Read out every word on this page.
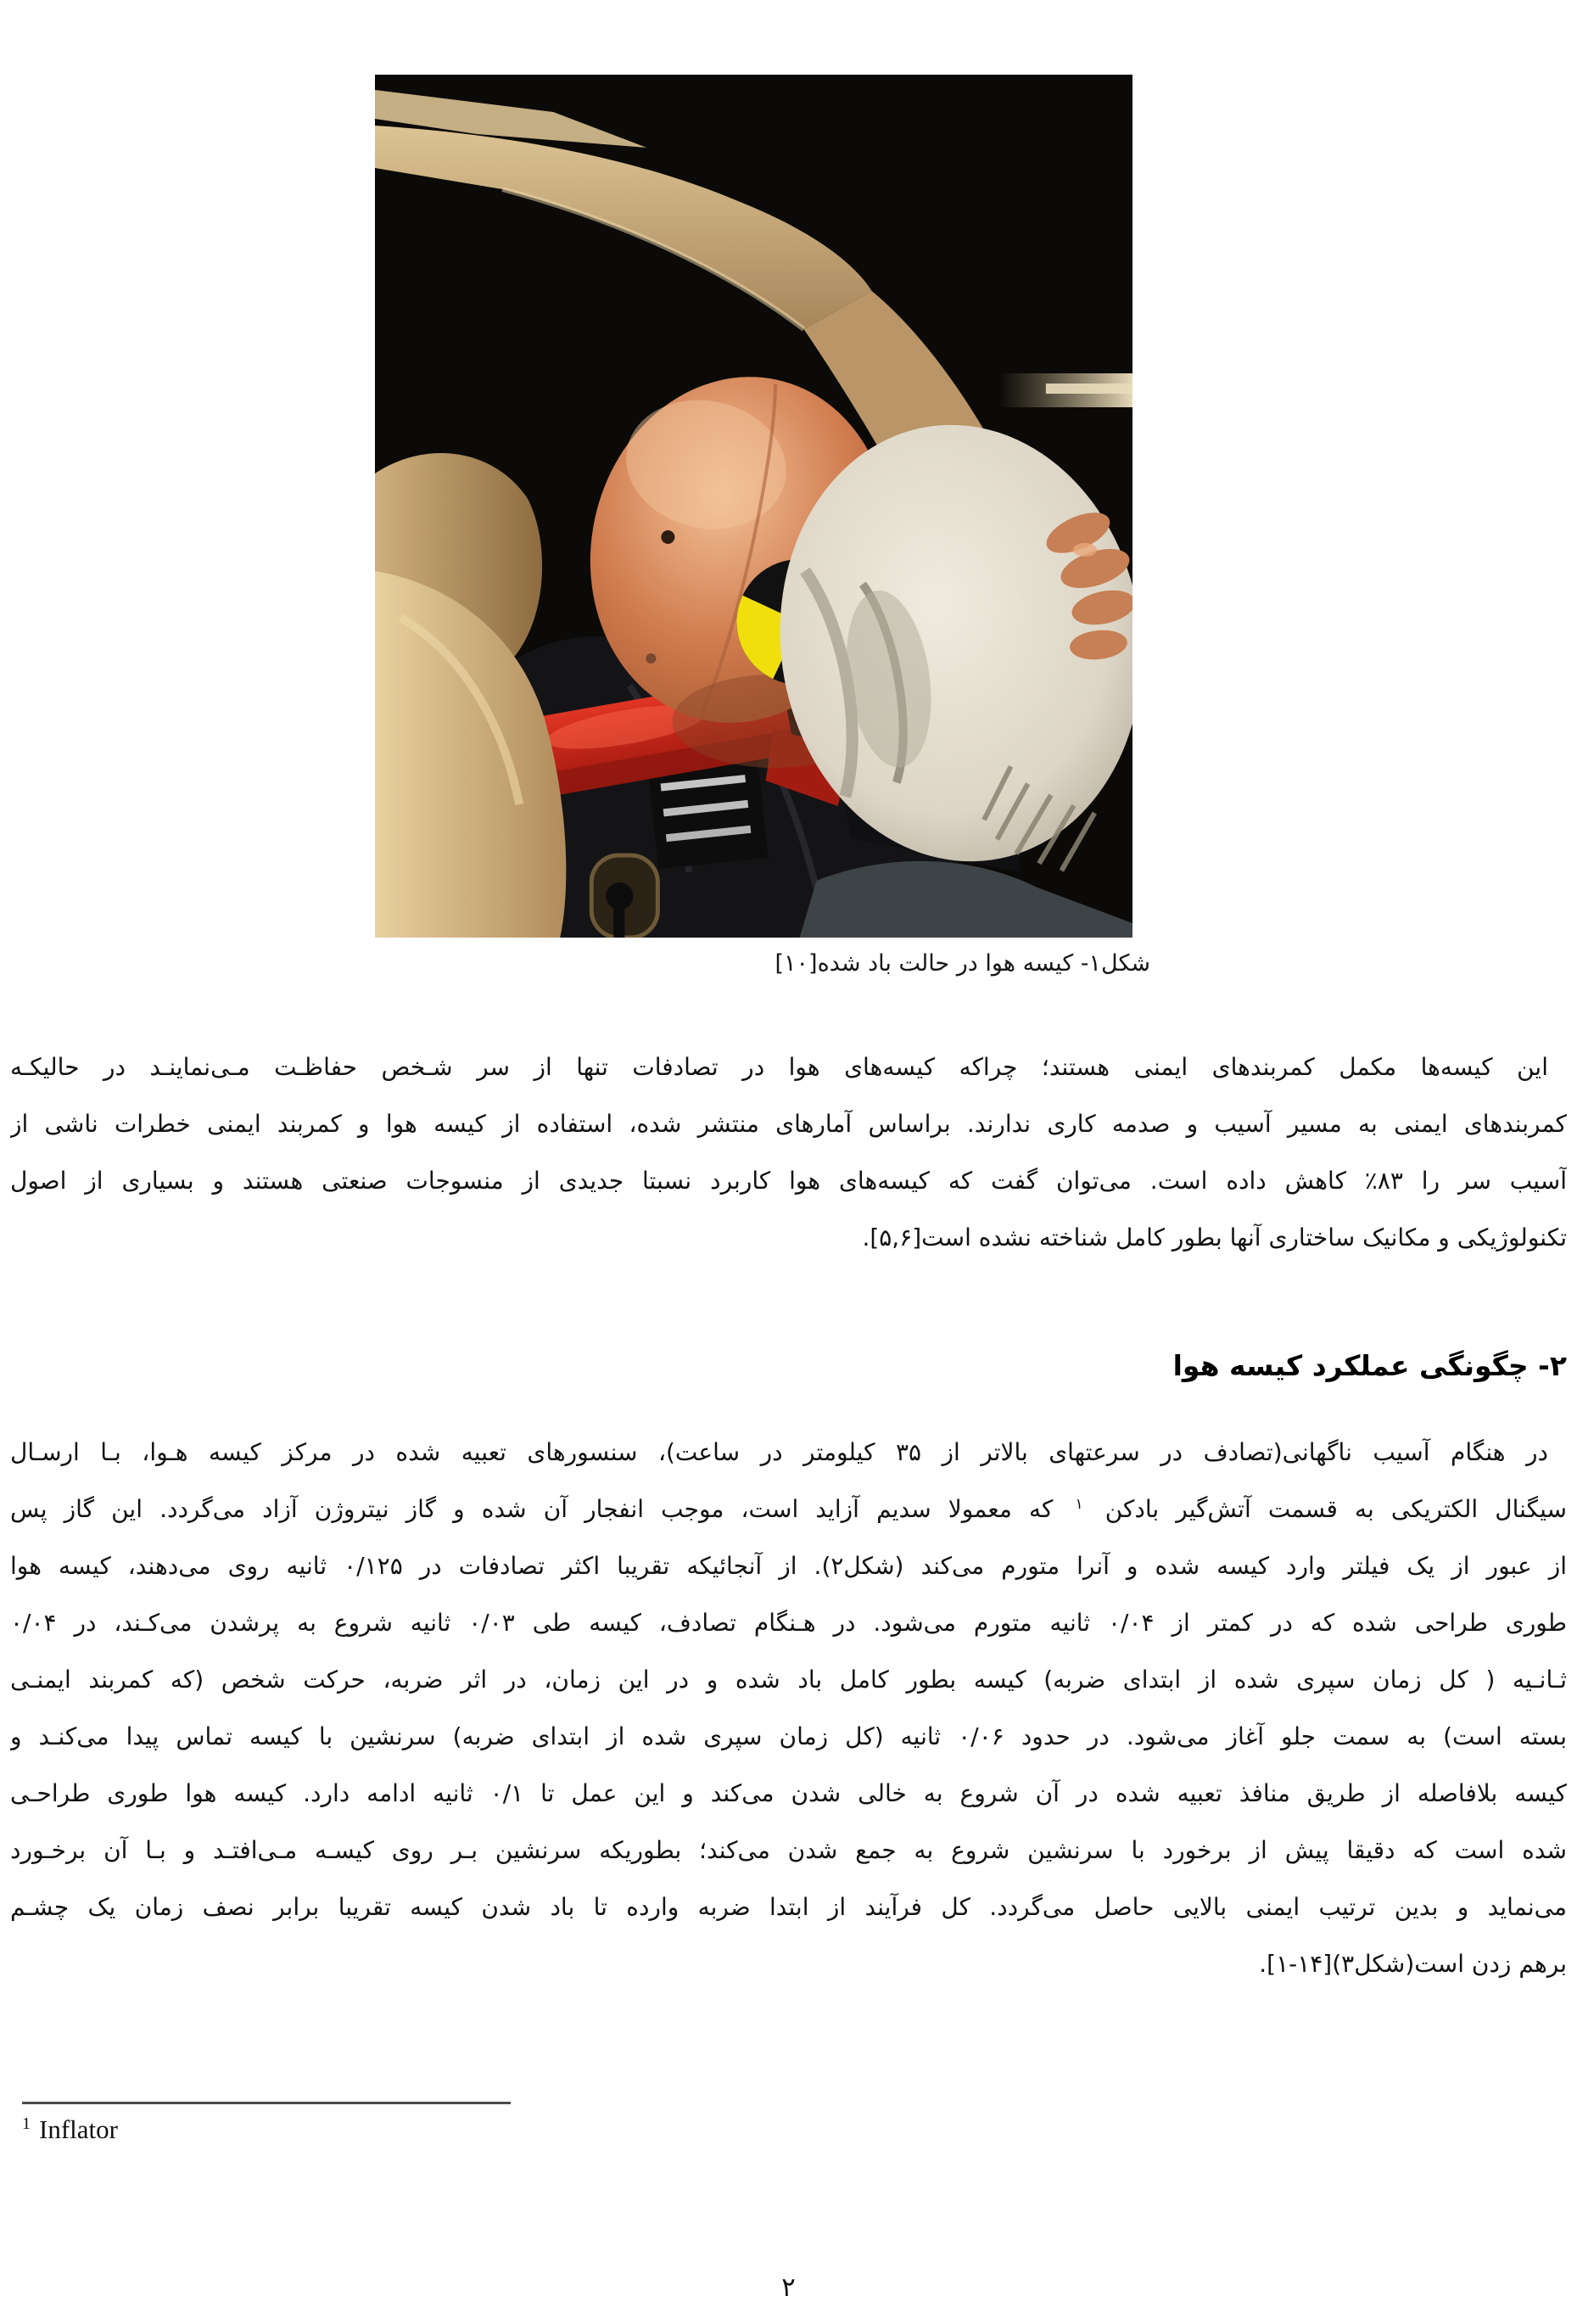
شکل۱- کیسه هوا در حالت باد شده[۱۰]
این کیسه‌ها مکمل کمربندهای ایمنی هستند؛ چراکه کیسه‌های هوا در تصادفات تنها از سر شـخص حفاظـت مـی‌نماینـد در حالیکـه
کمربندهای ایمنی به مسیر آسیب و صدمه کاری ندارند. براساس آمارهای منتشر شده، استفاده از کیسه هوا و کمربند ایمنی خطرات ناشی از
آسیب سر را ۸۳٪ کاهش داده است. می‌توان گفت که کیسه‌های هوا کاربرد نسبتا جدیدی از منسوجات صنعتی هستند و بسیاری از اصول
تکنولوژیکی و مکانیک ساختاری آنها بطور کامل شناخته نشده است[۵,۶].
۲- چگونگی عملکرد کیسه هوا
در هنگام آسیب ناگهانی(تصادف در سرعتهای بالاتر از ۳۵ کیلومتر در ساعت)، سنسورهای تعبیه شده در مرکز کیسه هـوا، بـا ارسـال
سیگنال الکتریکی به قسمت آتش‌گیر بادکن $^۱$ که معمولا سدیم آزاید است، موجب انفجار آن شده و گاز نیتروژن آزاد می‌گردد. این گاز پس
از عبور از یک فیلتر وارد کیسه شده و آنرا متورم می‌کند (شکل۲). از آنجائیکه تقریبا اکثر تصادفات در ۰/۱۲۵ ثانیه روی می‌دهند، کیسه هوا
طوری طراحی شده که در کمتر از ۰/۰۴ ثانیه متورم می‌شود. در هـنگام تصادف، کیسه طی ۰/۰۳ ثانیه شروع به پرشدن می‌کـند، در ۰/۰۴
ثـانـیه ( کل زمان سپری شده از ابتدای ضربه) کیسه بطور کامل باد شده و در این زمان، در اثر ضربه، حرکت شخص (که کمربند ایمنـی
بسته است) به سمت جلو آغاز می‌شود. در حدود ۰/۰۶ ثانیه (کل زمان سپری شده از ابتدای ضربه) سرنشین با کیسه تماس پیدا می‌کنـد و
کیسه بلافاصله از طریق منافذ تعبیه شده در آن شروع به خالی شدن می‌کند و این عمل تا ۰/۱ ثانیه ادامه دارد. کیسه هوا طوری طراحـی
شده است که دقیقا پیش از برخورد با سرنشین شروع به جمع شدن می‌کند؛ بطوریکه سرنشین بـر روی کیسـه مـی‌افتـد و بـا آن برخـورد
می‌نماید و بدین ترتیب ایمنی بالایی حاصل می‌گردد. کل فرآیند از ابتدا ضربه وارده تا باد شدن کیسه تقریبا برابر نصف زمان یک چشـم
برهم زدن است(شکل۳)[۱۴-۱].
$^1$ Inflator
۲
